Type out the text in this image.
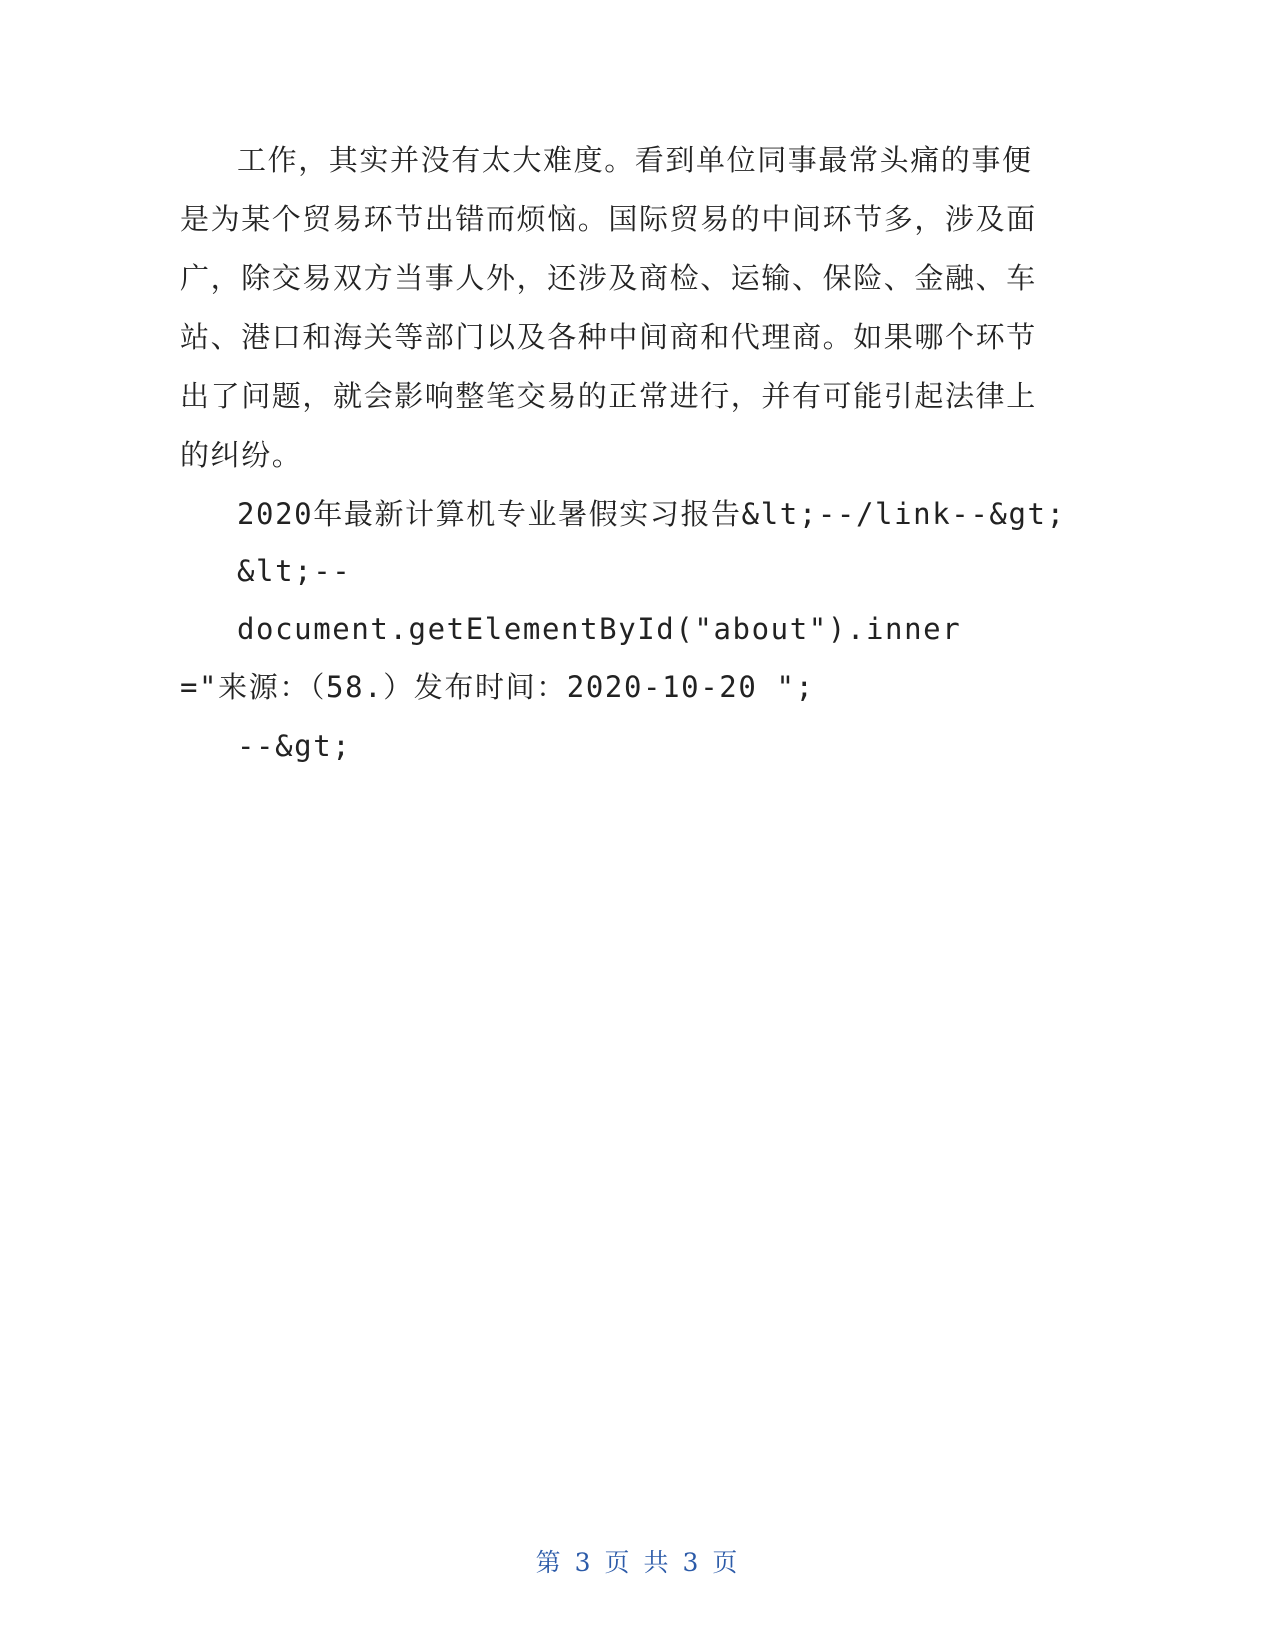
工作，其实并没有太大难度。看到单位同事最常头痛的事便
是为某个贸易环节出错而烦恼。国际贸易的中间环节多，涉及面
广，除交易双方当事人外，还涉及商检、运输、保险、金融、车
站、港口和海关等部门以及各种中间商和代理商。如果哪个环节
出了问题，就会影响整笔交易的正常进行，并有可能引起法律上
的纠纷。
2020年最新计算机专业暑假实习报告&lt;--/link--&gt;
&lt;--
document.getElementById("about").inner
="来源：（58.）发布时间：2020-10-20 ";
--&gt;
第 3 页 共 3 页
